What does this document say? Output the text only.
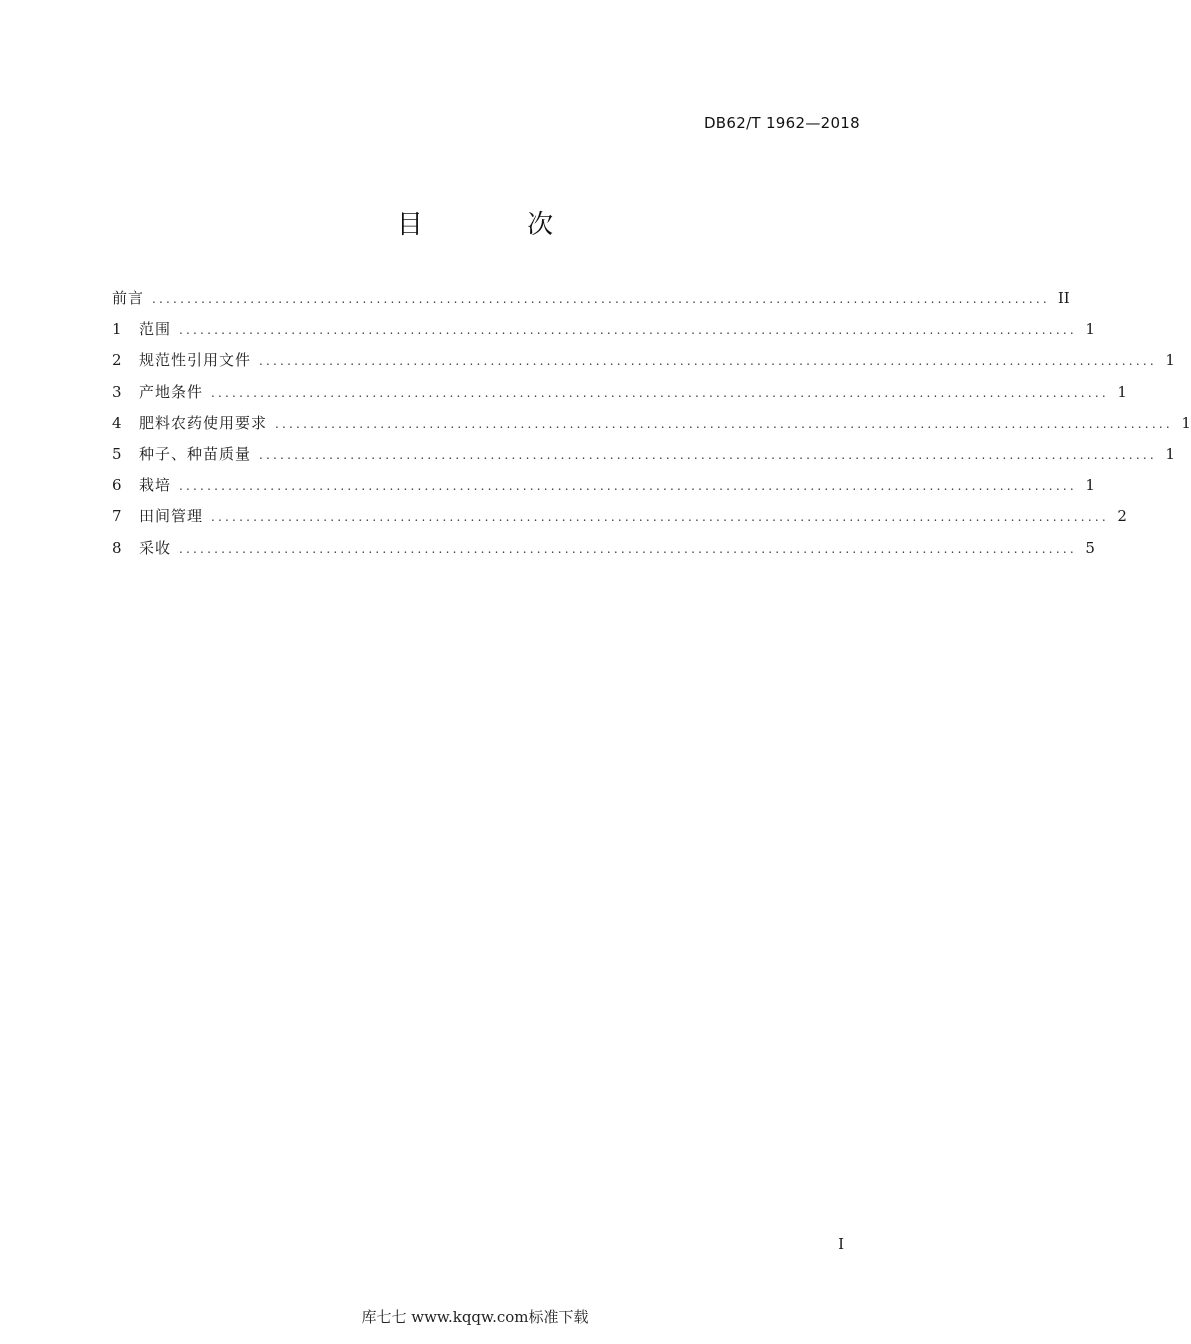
DB62/T 1962—2018
目 次
前言 ................................................................................................................................ II
1	范围 ................................................................................................................................ 1
2	规范性引用文件 ................................................................................................................................ 1
3	产地条件 ................................................................................................................................ 1
4	肥料农药使用要求 ................................................................................................................................ 1
5	种子、种苗质量 ................................................................................................................................ 1
6	栽培 ................................................................................................................................ 1
7	田间管理 ................................................................................................................................ 2
8	采收 ................................................................................................................................ 5
I
库七七 www.kqqw.com标准下载
